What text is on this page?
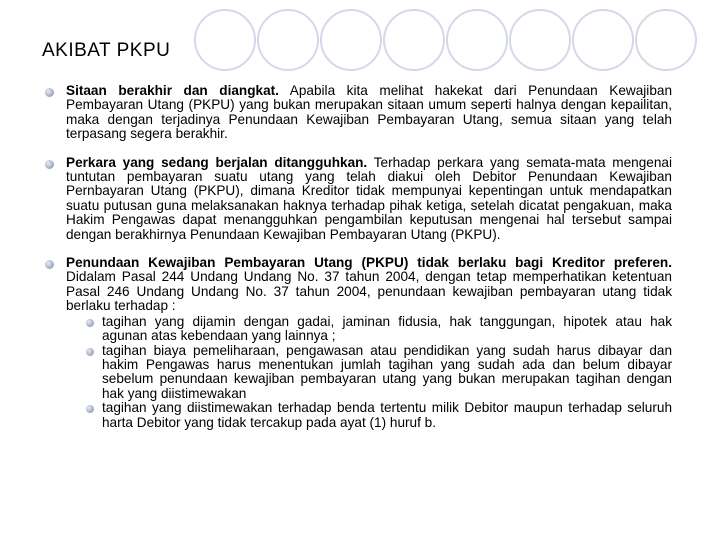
AKIBAT PKPU
Sitaan berakhir dan diangkat. Apabila kita melihat hakekat dari Penundaan Kewajiban Pembayaran Utang (PKPU) yang bukan merupakan sitaan umum seperti halnya dengan kepailitan, maka dengan terjadinya Penundaan Kewajiban Pembayaran Utang, semua sitaan yang telah terpasang segera berakhir.
Perkara yang sedang berjalan ditangguhkan. Terhadap perkara yang semata-mata mengenai tuntutan pembayaran suatu utang yang telah diakui oleh Debitor Penundaan Kewajiban Pernbayaran Utang (PKPU), dimana Kreditor tidak mempunyai kepentingan untuk mendapatkan suatu putusan guna melaksanakan haknya terhadap pihak ketiga, setelah dicatat pengakuan, maka Hakim Pengawas dapat menangguhkan pengambilan keputusan mengenai hal tersebut sampai dengan berakhirnya Penundaan Kewajiban Pembayaran Utang (PKPU).
Penundaan Kewajiban Pembayaran Utang (PKPU) tidak berlaku bagi Kreditor preferen. Didalam Pasal 244 Undang Undang No. 37 tahun 2004, dengan tetap memperhatikan ketentuan Pasal 246 Undang Undang No. 37 tahun 2004, penundaan kewajiban pembayaran utang tidak berlaku terhadap :
tagihan yang dijamin dengan gadai, jaminan fidusia, hak tanggungan, hipotek atau hak agunan atas kebendaan yang lainnya ;
tagihan biaya pemeliharaan, pengawasan atau pendidikan yang sudah harus dibayar dan hakim Pengawas harus menentukan jumlah tagihan yang sudah ada dan belum dibayar sebelum penundaan kewajiban pembayaran utang yang bukan merupakan tagihan dengan hak yang diistimewakan
tagihan yang diistimewakan terhadap benda tertentu milik Debitor maupun terhadap seluruh harta Debitor yang tidak tercakup pada ayat (1) huruf b.
